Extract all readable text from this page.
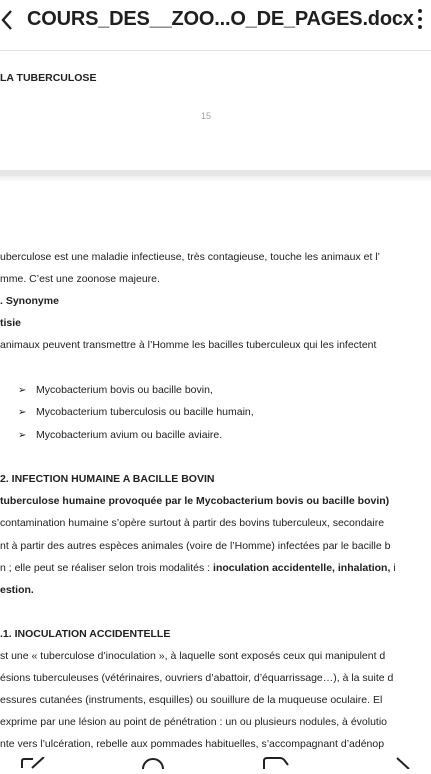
COURS_DES__ZOO...O_DE_PAGES.docx
LA TUBERCULOSE
15
uberculose est une maladie infectieuse, très contagieuse, touche les animaux et l’
mme. C’est une zoonose majeure.
. Synonyme
tisie
animaux peuvent transmettre à l’Homme les bacilles tuberculeux qui les infectent
➢ Mycobacterium bovis ou bacille bovin,
➢ Mycobacterium tuberculosis ou bacille humain,
➢ Mycobacterium avium ou bacille aviaire.
2. INFECTION HUMAINE A BACILLE BOVIN
tuberculose humaine provoquée par le Mycobacterium bovis ou bacille bovin)
contamination humaine s’opère surtout à partir des bovins tuberculeux, secondaire
nt à partir des autres espèces animales (voire de l’Homme) infectées par le bacille b
n ; elle peut se réaliser selon trois modalités : inoculation accidentelle, inhalation, i
estion.
.1. INOCULATION ACCIDENTELLE
st une « tuberculose d’inoculation », à laquelle sont exposés ceux qui manipulent d
ésions tuberculeuses (vétérinaires, ouvriers d’abattoir, d’équarrissage…), à la suite d
essures cutanées (instruments, esquilles) ou souillure de la muqueuse oculaire. El
exprime par une lésion au point de pénétration : un ou plusieurs nodules, à évolutio
nte vers l’ulcération, rebelle aux pommades habituelles, s’accompagnant d’adénop
